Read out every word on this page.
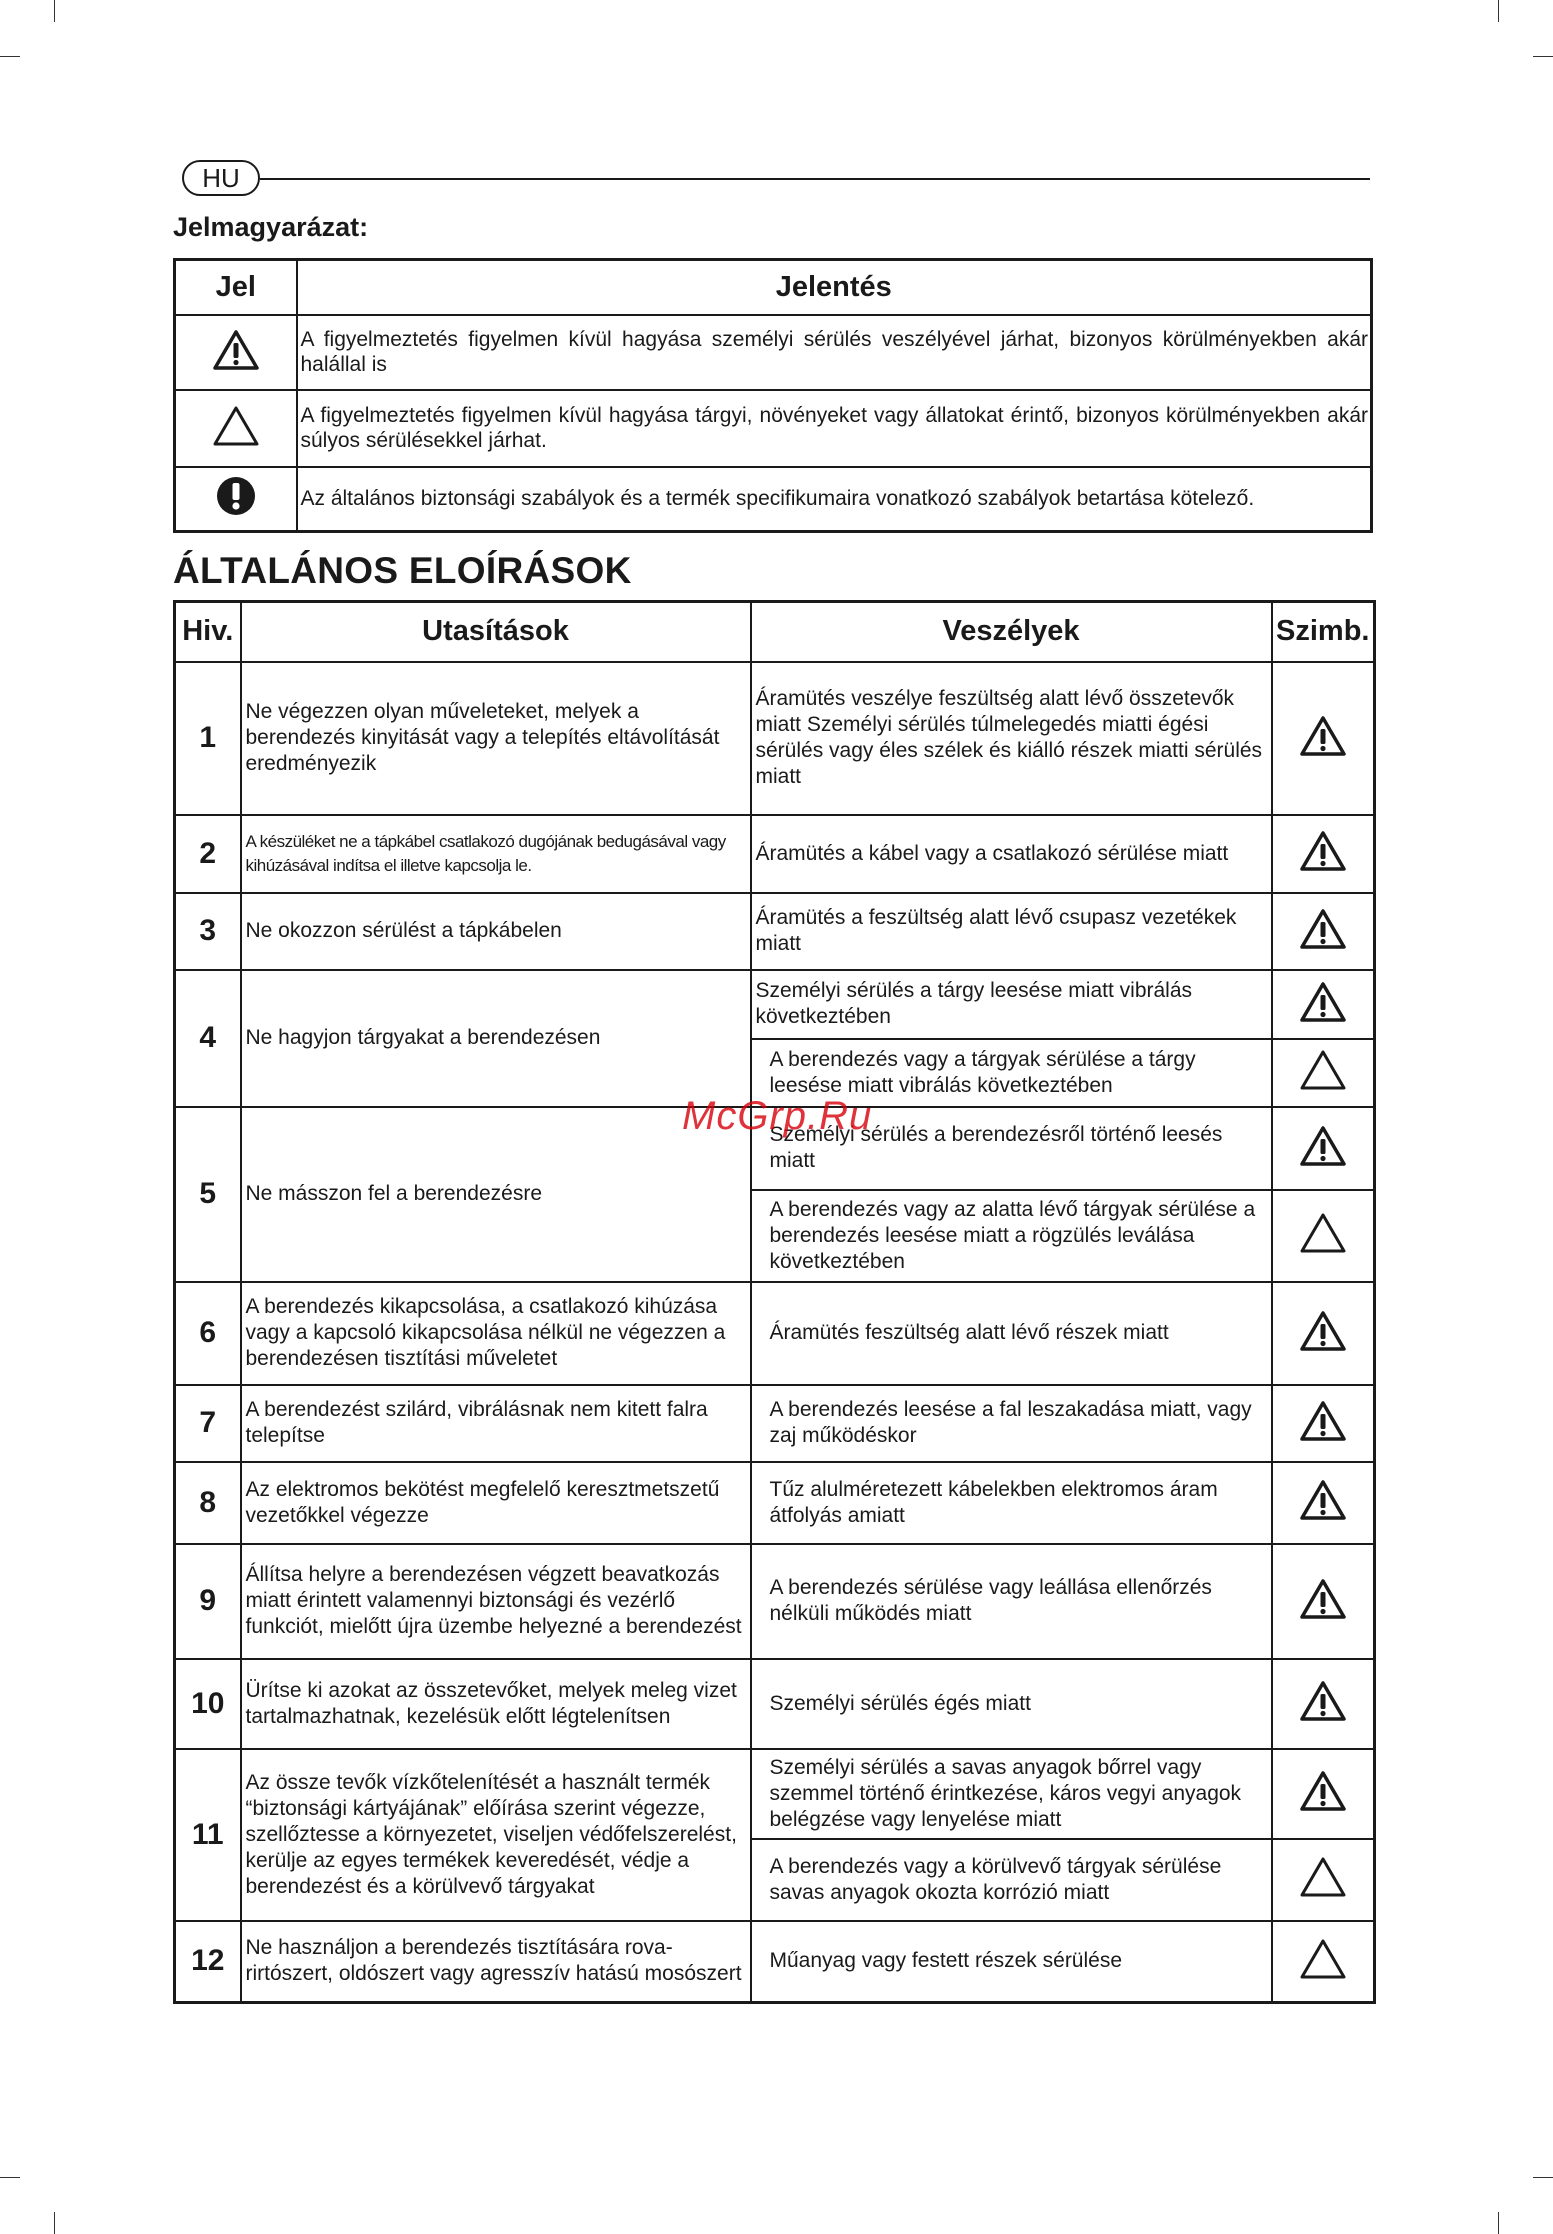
HU
Jelmagyarázat:
Jel	Jelentés
	A figyelmeztetés figyelmen kívül hagyása személyi sérülés veszélyével járhat, bizonyos körülményekben akár halállal is
	A figyelmeztetés figyelmen kívül hagyása tárgyi, növényeket vagy állatokat érintő, bizonyos körülményekben akár súlyos sérülésekkel járhat.
	Az általános biztonsági szabályok és a termék specifikumaira vonatkozó szabályok betartása kötelező.
ÁLTALÁNOS ELOÍRÁSOK
Hiv.	Utasítások	Veszélyek	Szimb.
1	Ne végezzen olyan műveleteket, melyek a berendezés kinyitását vagy a telepítés eltávolítását eredményezik	Áramütés veszélye feszültség alatt lévő összetevők miatt Személyi sérülés túlmelegedés miatti égési sérülés vagy éles szélek és kiálló részek miatti sérülés miatt	
2	A készüléket ne a tápkábel csatlakozó dugójának bedugásával vagy kihúzásával indítsa el illetve kapcsolja le.	Áramütés a kábel vagy a csatlakozó sérülése miatt	
3	Ne okozzon sérülést a tápkábelen	Áramütés a feszültség alatt lévő csupasz vezetékek miatt	
4	Ne hagyjon tárgyakat a berendezésen	Személyi sérülés a tárgy leesése miatt vibrálás következtében	
		A berendezés vagy a tárgyak sérülése a tárgy leesése miatt vibrálás következtében	
5	Ne másszon fel a berendezésre	Személyi sérülés a berendezésről történő leesés miatt	
		A berendezés vagy az alatta lévő tárgyak sérülése a berendezés leesése miatt a rögzülés leválása következtében	
6	A berendezés kikapcsolása, a csatlakozó kihúzása vagy a kapcsoló kikapcsolása nélkül ne végezzen a berendezésen tisztítási műveletet	Áramütés feszültség alatt lévő részek miatt	
7	A berendezést szilárd, vibrálásnak nem kitett falra telepítse	A berendezés leesése a fal leszakadása miatt, vagy zaj működéskor	
8	Az elektromos bekötést megfelelő keresztmetszetű vezetőkkel végezze	Tűz alulméretezett kábelekben elektromos áram átfolyás amiatt	
9	Állítsa helyre a berendezésen végzett beavatkozás miatt érintett valamennyi biztonsági és vezérlő funkciót, mielőtt újra üzembe helyezné a berendezést	A berendezés sérülése vagy leállása ellenőrzés nélküli működés miatt	
10	Ürítse ki azokat az összetevőket, melyek meleg vizet tartalmazhatnak, kezelésük előtt légtelenítsen	Személyi sérülés égés miatt	
11	Az össze tevők vízkőtelenítését a használt termék “biztonsági kártyájának” előírása szerint végezze, szellőztesse a környezetet, viseljen védőfelszerelést, kerülje az egyes termékek keveredését, védje a berendezést és a körülvevő tárgyakat	Személyi sérülés a savas anyagok bőrrel vagy szemmel történő érintkezése, káros vegyi anyagok belégzése vagy lenyelése miatt	
		A berendezés vagy a körülvevő tárgyak sérülése savas anyagok okozta korrózió miatt	
12	Ne használjon a berendezés tisztítására rova-rirtószert, oldószert vagy agresszív hatású mosószert	Műanyag vagy festett részek sérülése	
McGrp.Ru
